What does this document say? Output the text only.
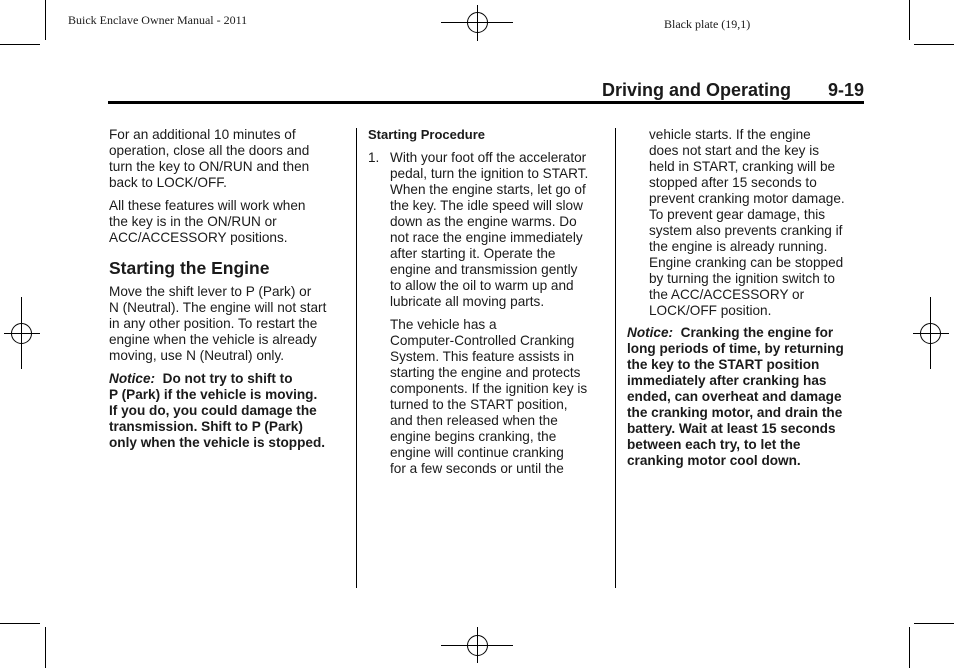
Buick Enclave Owner Manual - 2011	Black plate (19,1)
Driving and Operating 9-19

For an additional 10 minutes of
operation, close all the doors and
turn the key to ON/RUN and then
back to LOCK/OFF.

All these features will work when
the key is in the ON/RUN or
ACC/ACCESSORY positions.

Starting the Engine

Move the shift lever to P (Park) or
N (Neutral). The engine will not start
in any other position. To restart the
engine when the vehicle is already
moving, use N (Neutral) only.

Notice: Do not try to shift to
P (Park) if the vehicle is moving.
If you do, you could damage the
transmission. Shift to P (Park)
only when the vehicle is stopped.

Starting Procedure
1. With your foot off the accelerator
pedal, turn the ignition to START.
When the engine starts, let go of
the key. The idle speed will slow
down as the engine warms. Do
not race the engine immediately
after starting it. Operate the
engine and transmission gently
to allow the oil to warm up and
lubricate all moving parts.

The vehicle has a
Computer-Controlled Cranking
System. This feature assists in
starting the engine and protects
components. If the ignition key is
turned to the START position,
and then released when the
engine begins cranking, the
engine will continue cranking
for a few seconds or until the

vehicle starts. If the engine
does not start and the key is
held in START, cranking will be
stopped after 15 seconds to
prevent cranking motor damage.
To prevent gear damage, this
system also prevents cranking if
the engine is already running.
Engine cranking can be stopped
by turning the ignition switch to
the ACC/ACCESSORY or
LOCK/OFF position.

Notice: Cranking the engine for
long periods of time, by returning
the key to the START position
immediately after cranking has
ended, can overheat and damage
the cranking motor, and drain the
battery. Wait at least 15 seconds
between each try, to let the
cranking motor cool down.
